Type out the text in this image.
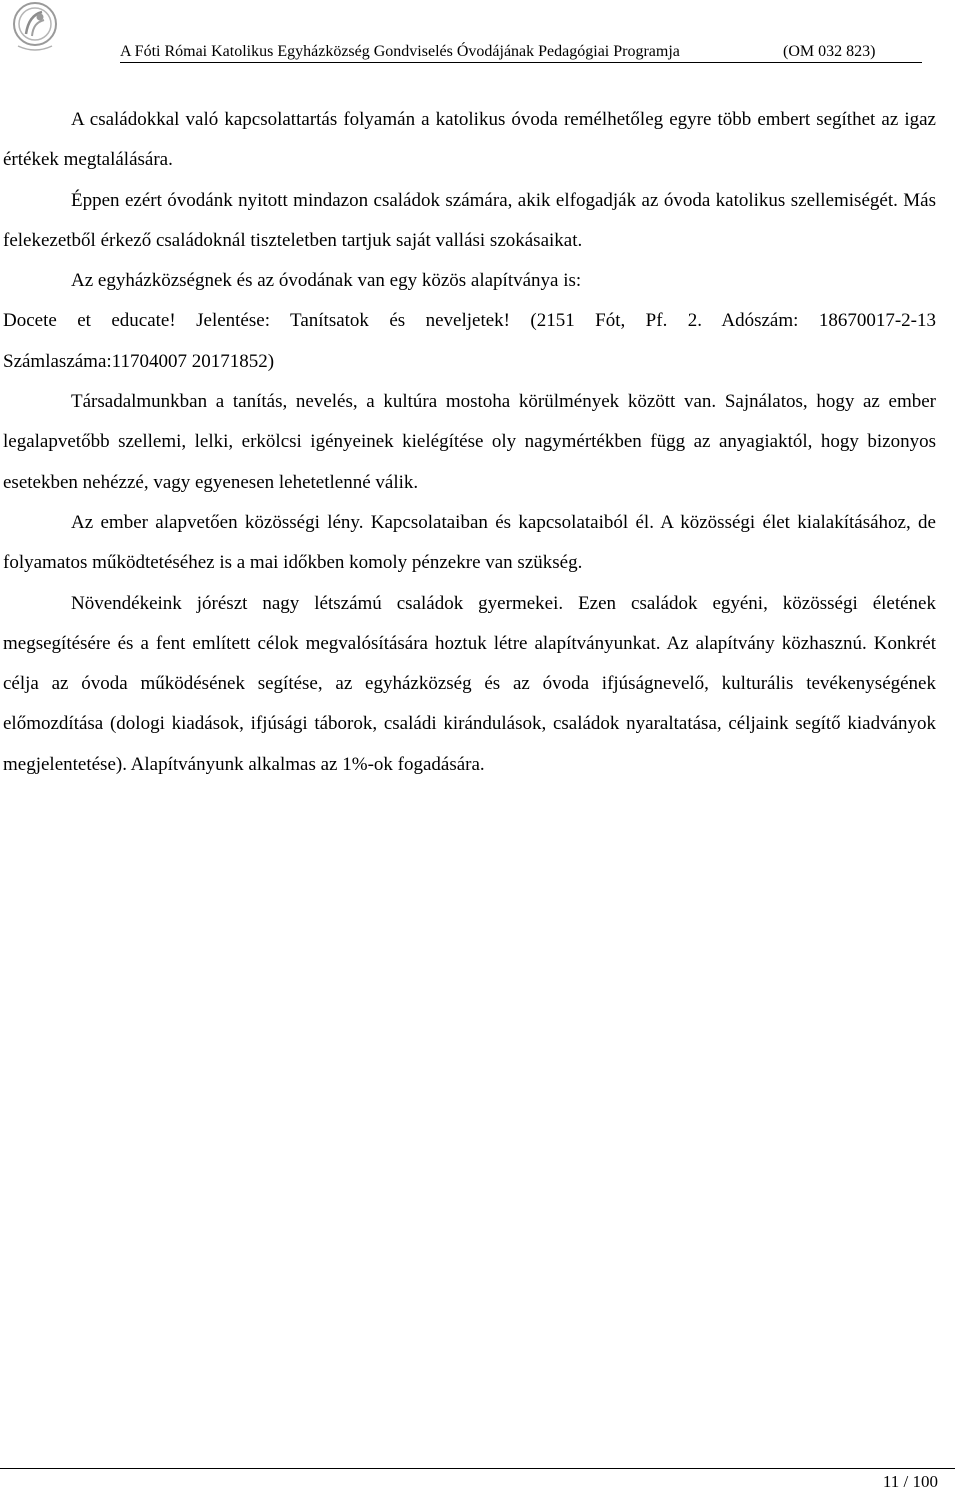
A Fóti Római Katolikus Egyházközség Gondviselés Óvodájának Pedagógiai Programja	(OM 032 823)

A családokkal való kapcsolattartás folyamán a katolikus óvoda remélhetőleg egyre több embert segíthet az igaz értékek megtalálására.

Éppen ezért óvodánk nyitott mindazon családok számára, akik elfogadják az óvoda katolikus szellemiségét. Más felekezetből érkező családoknál tiszteletben tartjuk saját vallási szokásaikat.

Az egyházközségnek és az óvodának van egy közös alapítványa is:

Docete et educate! Jelentése: Tanítsatok és neveljetek! (2151 Fót, Pf. 2. Adószám: 18670017-2-13 Számlaszáma:11704007 20171852)

Társadalmunkban a tanítás, nevelés, a kultúra mostoha körülmények között van. Sajnálatos, hogy az ember legalapvetőbb szellemi, lelki, erkölcsi igényeinek kielégítése oly nagymértékben függ az anyagiaktól, hogy bizonyos esetekben nehézzé, vagy egyenesen lehetetlenné válik.

Az ember alapvetően közösségi lény. Kapcsolataiban és kapcsolataiból él. A közösségi élet kialakításához, de folyamatos működtetéséhez is a mai időkben komoly pénzekre van szükség.

Növendékeink jórészt nagy létszámú családok gyermekei. Ezen családok egyéni, közösségi életének megsegítésére és a fent említett célok megvalósítására hoztuk létre alapítványunkat. Az alapítvány közhasznú. Konkrét célja az óvoda működésének segítése, az egyházközség és az óvoda ifjúságnevelő, kulturális tevékenységének előmozdítása (dologi kiadások, ifjúsági táborok, családi kirándulások, családok nyaraltatása, céljaink segítő kiadványok megjelentetése). Alapítványunk alkalmas az 1%-ok fogadására.

11 / 100
